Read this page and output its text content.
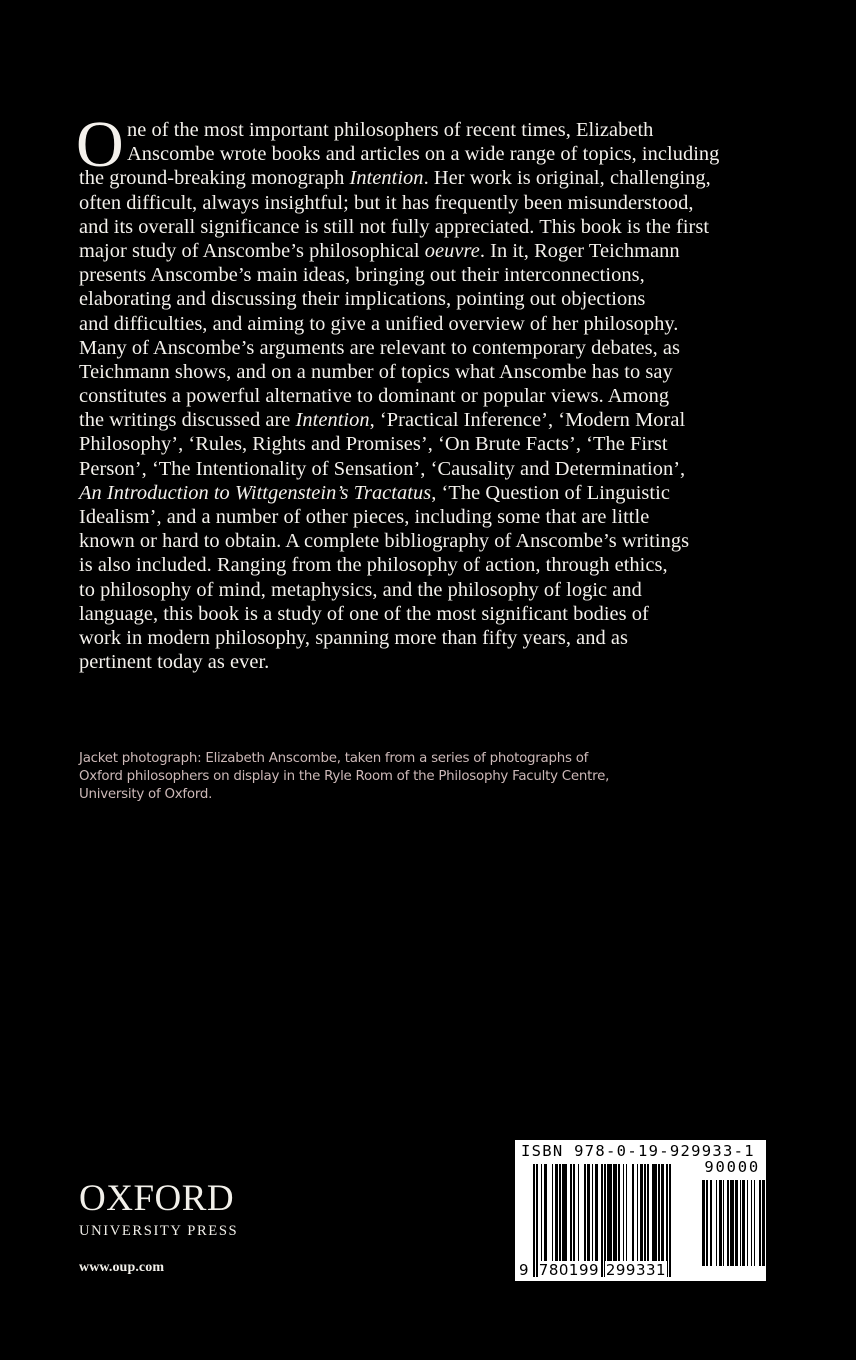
O ne of the most important philosophers of recent times, Elizabeth
Anscombe wrote books and articles on a wide range of topics, including
the ground-breaking monograph Intention. Her work is original, challenging,
often difficult, always insightful; but it has frequently been misunderstood,
and its overall significance is still not fully appreciated. This book is the first
major study of Anscombe’s philosophical oeuvre. In it, Roger Teichmann
presents Anscombe’s main ideas, bringing out their interconnections,
elaborating and discussing their implications, pointing out objections
and difficulties, and aiming to give a unified overview of her philosophy.
Many of Anscombe’s arguments are relevant to contemporary debates, as
Teichmann shows, and on a number of topics what Anscombe has to say
constitutes a powerful alternative to dominant or popular views. Among
the writings discussed are Intention, ‘Practical Inference’, ‘Modern Moral
Philosophy’, ‘Rules, Rights and Promises’, ‘On Brute Facts’, ‘The First
Person’, ‘The Intentionality of Sensation’, ‘Causality and Determination’,
An Introduction to Wittgenstein’s Tractatus, ‘The Question of Linguistic
Idealism’, and a number of other pieces, including some that are little
known or hard to obtain. A complete bibliography of Anscombe’s writings
is also included. Ranging from the philosophy of action, through ethics,
to philosophy of mind, metaphysics, and the philosophy of logic and
language, this book is a study of one of the most significant bodies of
work in modern philosophy, spanning more than fifty years, and as
pertinent today as ever.
Jacket photograph: Elizabeth Anscombe, taken from a series of photographs of
Oxford philosophers on display in the Ryle Room of the Philosophy Faculty Centre,
University of Oxford.
OXFORD
UNIVERSITY PRESS
www.oup.com
ISBN 978-0-19-929933-1
90000
9 780199 299331
